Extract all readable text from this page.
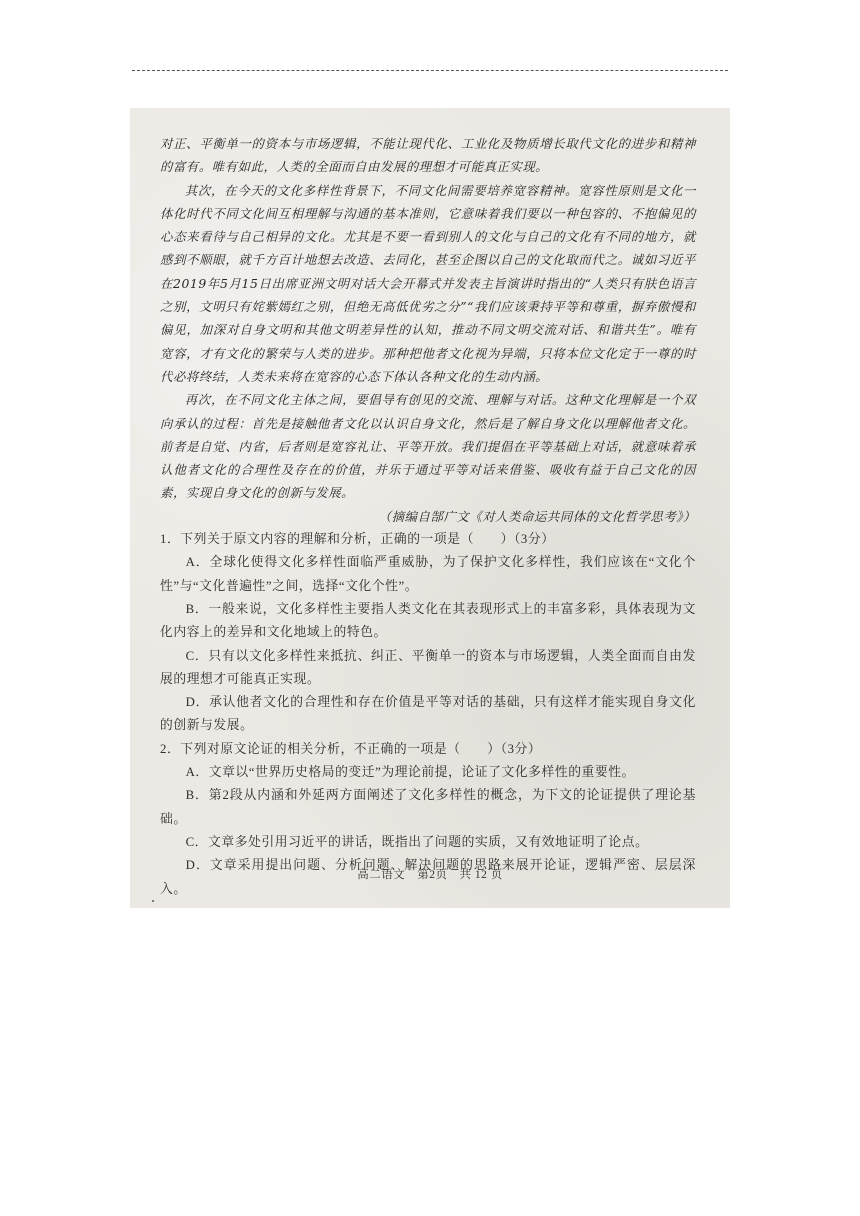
对正、平衡单一的资本与市场逻辑，不能让现代化、工业化及物质增长取代文化的进步和精神的富有。唯有如此，人类的全面而自由发展的理想才可能真正实现。

其次，在今天的文化多样性背景下，不同文化间需要培养宽容精神。宽容性原则是文化一体化时代不同文化间互相理解与沟通的基本准则，它意味着我们要以一种包容的、不抱偏见的心态来看待与自己相异的文化。尤其是不要一看到别人的文化与自己的文化有不同的地方，就感到不顺眼，就千方百计地想去改造、去同化，甚至企图以自己的文化取而代之。诚如习近平在2019年5月15日出席亚洲文明对话大会开幕式并发表主旨演讲时指出的“人类只有肤色语言之别，文明只有姹紫嫣红之别，但绝无高低优劣之分”“我们应该秉持平等和尊重，摒弃傲慢和偏见，加深对自身文明和其他文明差异性的认知，推动不同文明交流对话、和谐共生”。唯有宽容，才有文化的繁荣与人类的进步。那种把他者文化视为异端，只将本位文化定于一尊的时代必将终结，人类未来将在宽容的心态下体认各种文化的生动内涵。

再次，在不同文化主体之间，要倡导有创见的交流、理解与对话。这种文化理解是一个双向承认的过程：首先是接触他者文化以认识自身文化，然后是了解自身文化以理解他者文化。前者是自觉、内省，后者则是宽容礼让、平等开放。我们提倡在平等基础上对话，就意味着承认他者文化的合理性及存在的价值，并乐于通过平等对话来借鉴、吸收有益于自己文化的因素，实现自身文化的创新与发展。

（摘编自郜广文《对人类命运共同体的文化哲学思考》）

1．下列关于原文内容的理解和分析，正确的一项是（　　）（3分）

A．全球化使得文化多样性面临严重威胁，为了保护文化多样性，我们应该在“文化个性”与“文化普遍性”之间，选择“文化个性”。

B．一般来说，文化多样性主要指人类文化在其表现形式上的丰富多彩，具体表现为文化内容上的差异和文化地域上的特色。

C．只有以文化多样性来抵抗、纠正、平衡单一的资本与市场逻辑，人类全面而自由发展的理想才可能真正实现。

D．承认他者文化的合理性和存在价值是平等对话的基础，只有这样才能实现自身文化的创新与发展。

2．下列对原文论证的相关分析，不正确的一项是（　　）（3分）

A．文章以“世界历史格局的变迁”为理论前提，论证了文化多样性的重要性。

B．第2段从内涵和外延两方面阐述了文化多样性的概念，为下文的论证提供了理论基础。

C．文章多处引用习近平的讲话，既指出了问题的实质，又有效地证明了论点。

D．文章采用提出问题、分析问题、解决问题的思路来展开论证，逻辑严密、层层深入。

高二语文　第2页　共 12 页
